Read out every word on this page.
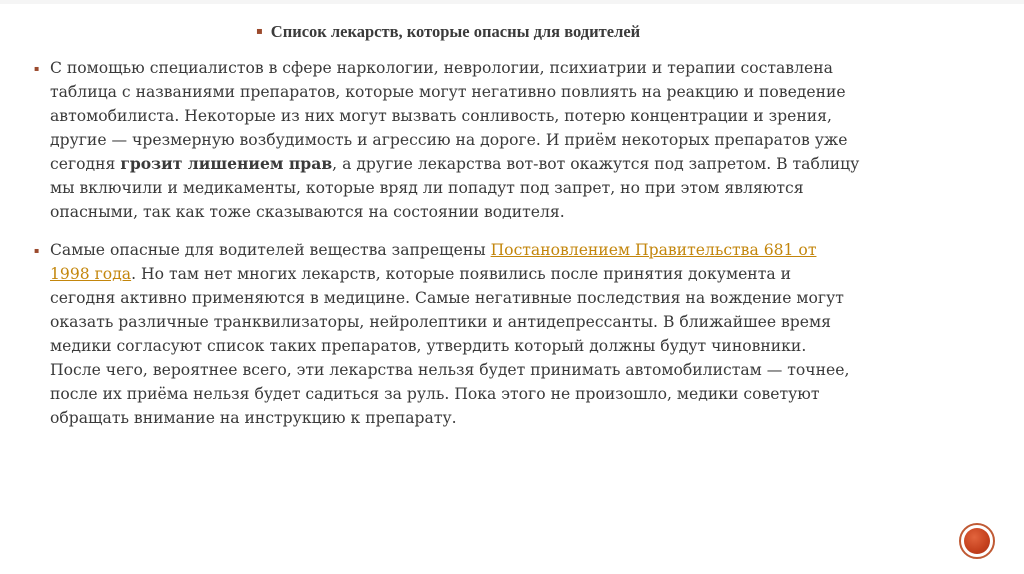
▪ Список лекарств, которые опасны для водителей
▪ С помощью специалистов в сфере наркологии, неврологии, психиатрии и терапии составлена
таблица с названиями препаратов, которые могут негативно повлиять на реакцию и поведение
автомобилиста. Некоторые из них могут вызвать сонливость, потерю концентрации и зрения,
другие — чрезмерную возбудимость и агрессию на дороге. И приём некоторых препаратов уже
сегодня грозит лишением прав, а другие лекарства вот-вот окажутся под запретом. В таблицу
мы включили и медикаменты, которые вряд ли попадут под запрет, но при этом являются
опасными, так как тоже сказываются на состоянии водителя.
▪ Самые опасные для водителей вещества запрещены Постановлением Правительства 681 от
1998 года. Но там нет многих лекарств, которые появились после принятия документа и
сегодня активно применяются в медицине. Самые негативные последствия на вождение могут
оказать различные транквилизаторы, нейролептики и антидепрессанты. В ближайшее время
медики согласуют список таких препаратов, утвердить который должны будут чиновники.
После чего, вероятнее всего, эти лекарства нельзя будет принимать автомобилистам — точнее,
после их приёма нельзя будет садиться за руль. Пока этого не произошло, медики советуют
обращать внимание на инструкцию к препарату.
